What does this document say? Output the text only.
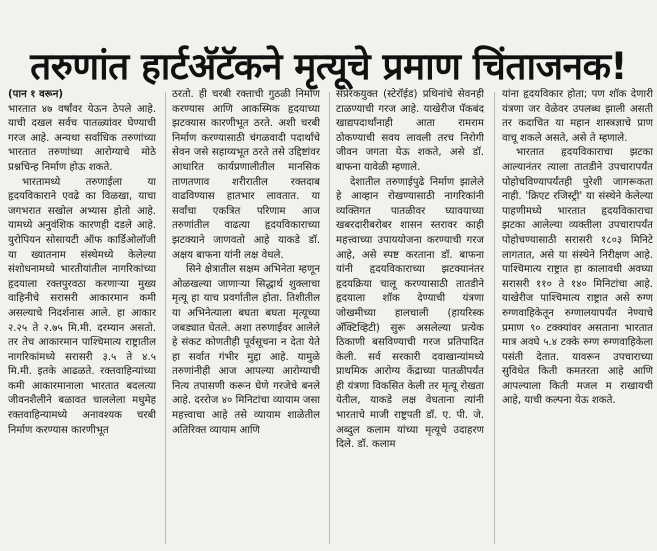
तरुणांत हार्टअ‍ॅटॅकने मृत्यूचे प्रमाण चिंताजनक!

(पान १ वरून)

भारतात ४७ वर्षांवर येऊन ठेपले आहे. याची दखल सर्वच पातळ्यांवर घेण्याची गरज आहे. अन्यथा सर्वाधिक तरुणांच्या भारतात तरुणांच्या आरोग्याचे मोठे प्रश्नचिन्ह निर्माण होऊ शकते.

भारतामध्ये तरुणाईला या हृदयविकाराने एवढे का विळखा, याचा जगभरात सखोल अभ्यास होतो आहे. यामध्ये अनुवंशिक कारणही दडले आहे. युरोपियन सोसायटी ऑफ कार्डिओलॉजी या ख्यातनाम संस्थेमध्ये केलेल्या संशोधनामध्ये भारतीयांतील नागरिकांच्या हृदयाला रक्तपुरवठा करणाऱ्या मुख्य वाहिनीचे सरासरी आकारमान कमी असल्याचे निदर्शनास आले. हा आकार २.२५ ते २.७५ मि.मी. दरम्यान असतो. तर तेच आकारमान पाश्चिमात्य राष्ट्रातील नागरिकांमध्ये सरासरी ३.५ ते ४.५ मि.मी. इतके आढळते. रक्तवाहिन्यांच्या कमी आकारमानाला भारतात बदलत्या जीवनशैलीने बळावत चाललेला मधुमेह रक्तवाहिन्यामध्ये अनावश्यक चरबी निर्माण करण्यास कारणीभूत

ठरतो. ही चरबी रक्ताची गुठळी निर्माण करण्यास आणि आकस्मिक हृदयाच्या झटक्यास कारणीभूत ठरते. अशी चरबी निर्माण करण्यासाठी चंगळवादी पदार्थांचे सेवन जसे सहाय्यभूत ठरते तसे उद्दिष्टांवर आधारित कार्यप्रणालीतील मानसिक ताणतणाव शरीरातील रक्तदाब वाढविण्यास हातभार लावतात. या सर्वांचा एकत्रित परिणाम आज तरुणांतील वाढत्या हृदयविकाराच्या झटक्याने जाणवतो आहे याकडे डॉ. अक्षय बाफना यांनी लक्ष वेधले.

सिने क्षेत्रातील सक्षम अभिनेता म्हणून ओळखल्या जाणाऱ्या सिद्धार्थ शुक्लाचा मृत्यू हा याच प्रवर्गातील होता. तिशीतील या अभिनेत्याला बघता बघता मृत्यूच्या जबड्यात घेतले. अशा तरुणाईवर आलेले हे संकट कोणतीही पूर्वसूचना न देता येते हा सर्वात गंभीर मुद्दा आहे. यामुळे तरुणांनीही आज आपल्या आरोग्याची नित्य तपासणी करून घेणे गरजेचे बनले आहे. दररोज ४० मिनिटांचा व्यायाम जसा महत्त्वाचा आहे तसे व्यायाम शाळेतील अतिरिक्त व्यायाम आणि

संप्रेरकयुक्त (स्टेरॉईड) प्रथिनांचे सेवनही टाळण्याची गरज आहे. याखेरीज पॅकबंद खाद्यपदार्थांनाही आता रामराम ठोकण्याची सवय लावली तरच निरोगी जीवन जगता येऊ शकते, असे डॉ. बाफना यावेळी म्हणाले.

देशातील तरुणाईपुढे निर्माण झालेले हे आव्हान रोखण्यासाठी नागरिकांनी व्यक्तिगत पातळीवर घ्यावयाच्या खबरदारीबरोबर शासन स्तरावर काही महत्त्वाच्या उपाययोजना करण्याची गरज आहे, असे स्पष्ट करताना डॉ. बाफना यांनी हृदयविकाराच्या झटक्यानंतर हृदयक्रिया चालू करण्यासाठी तातडीने हृदयाला शॉक देण्याची यंत्रणा जोखमीच्या हालचाली (हायरिस्क अ‍ॅक्टिव्हिटी) सुरू असलेल्या प्रत्येक ठिकाणी बसविण्याची गरज प्रतिपादित केली. सर्व सरकारी दवाखान्यांमध्ये प्राथमिक आरोग्य केंद्राच्या पातळीपर्यंत ही यंत्रणा विकसित केली तर मृत्यू रोखता येतील, याकडे लक्ष वेधताना त्यांनी भारताचे माजी राष्ट्रपती डॉ. ए. पी. जे. अब्दुल कलाम यांच्या मृत्यूचे उदाहरण दिले. डॉ. कलाम

यांना हृदयविकार होता; पण शॉक देणारी यंत्रणा जर वेळेवर उपलब्ध झाली असती तर कदाचित या महान शास्त्रज्ञाचे प्राण वाचू शकले असते, असे ते म्हणाले.

भारतात हृदयविकाराचा झटका आल्यानंतर त्याला तातडीने उपचारापर्यंत पोहोचविण्यापर्यंतही पुरेशी जागरूकता नाही. 'क्रिएट रजिस्ट्री' या संस्थेने केलेल्या पाहणीमध्ये भारतात हृदयविकाराचा झटका आलेल्या व्यक्तीला उपचारापर्यंत पोहोचण्यासाठी सरासरी १८०३ मिनिटे लागतात, असे या संस्थेने निरीक्षण आहे. पाश्चिमात्य राष्ट्रात हा कालावधी अवघ्या सरासरी ११० ते १४० मिनिटांचा आहे. याखेरीज पाश्चिमात्य राष्ट्रात असे रुग्ण रुग्णवाहिकेतून रुग्णालयापर्यंत नेण्याचे प्रमाण ९० टक्क्यांवर असताना भारतात मात्र अवघे ५.४ टक्के रुग्ण रुग्णवाहिकेला पसंती देतात. यावरून उपचाराच्या सुविधेत किती कमतरता आहे आणि आपल्याला किती मजल म राखायची आहे, याची कल्पना येऊ शकते.
